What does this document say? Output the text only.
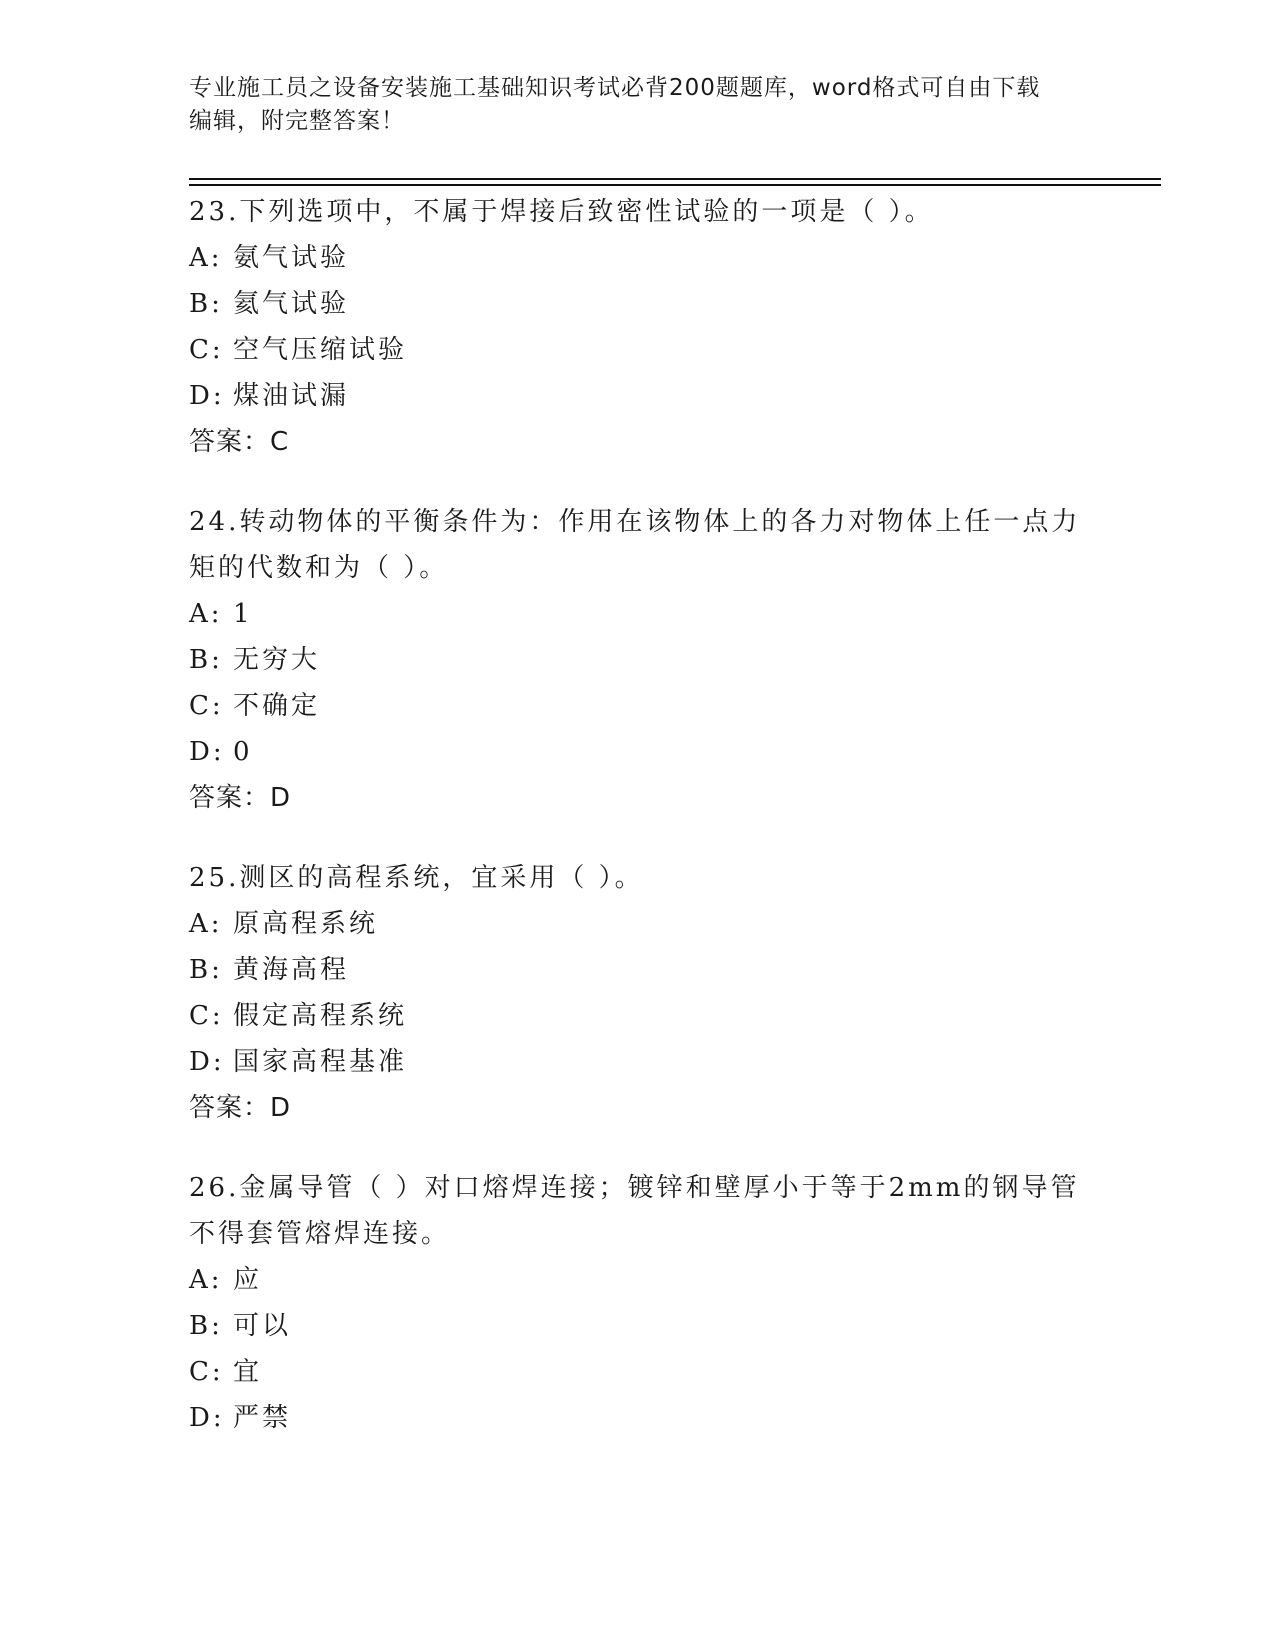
专业施工员之设备安装施工基础知识考试必背200题题库，word格式可自由下载
编辑，附完整答案！
23.下列选项中，不属于焊接后致密性试验的一项是（ ）。
A: 氨气试验
B: 氦气试验
C: 空气压缩试验
D: 煤油试漏
答案：C
24.转动物体的平衡条件为：作用在该物体上的各力对物体上任一点力矩的代数和为（ ）。
A: 1
B: 无穷大
C: 不确定
D: 0
答案：D
25.测区的高程系统，宜采用（ ）。
A: 原高程系统
B: 黄海高程
C: 假定高程系统
D: 国家高程基准
答案：D
26.金属导管（ ）对口熔焊连接；镀锌和壁厚小于等于2mm的钢导管不得套管熔焊连接。
A: 应
B: 可以
C: 宜
D: 严禁
